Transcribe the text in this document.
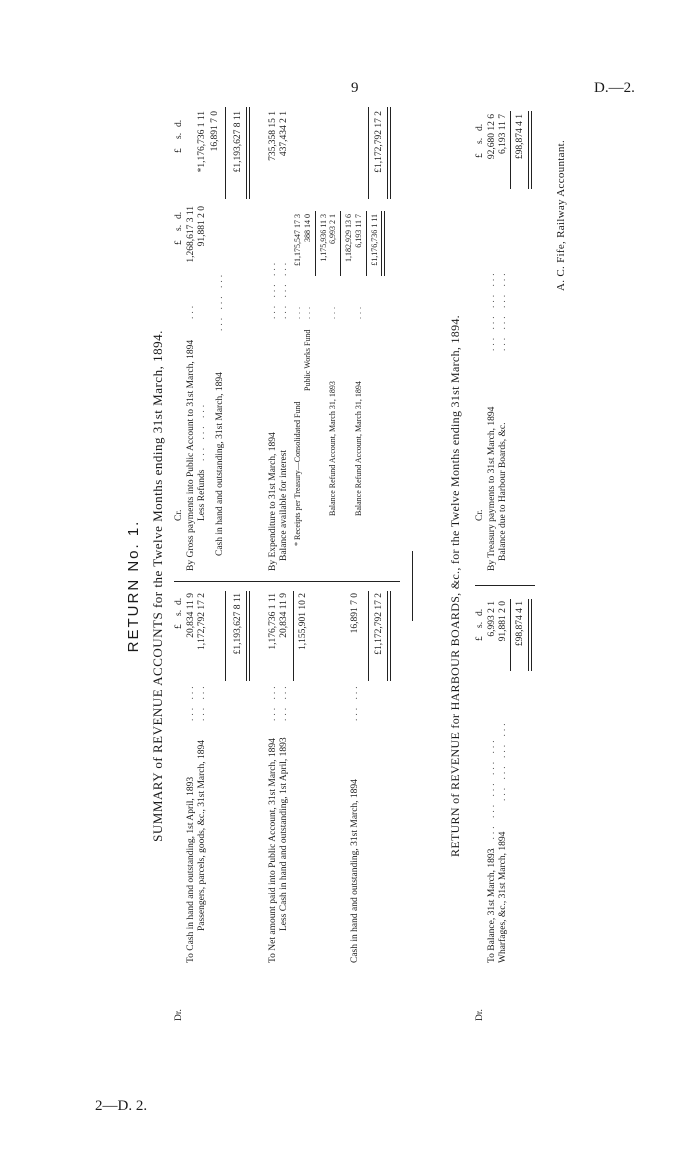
9	D.—2.
2—D. 2.
RETURN No. 1. SUMMARY of REVENUE ACCOUNTS for the Twelve Months ending 31st March, 1894.
Dr.
To Cash in hand and outstanding, 1st April, 1893 Passengers, parcels, goods, &c., 31st March, 1894
... ... ... ...
£
s.
d. 20,834 11 9 1,172,792 17 2	£1,193,627 8 11
To Net amount paid into Public Account, 31st March, 1894 Less Cash in hand and outstanding, 1st April, 1893
... ... ... ...
1,176,736 1 11 20,834 11 9 1,155,901 10 2
Cash in hand and outstanding, 31st March, 1894
... ...
16,891 7 0 £1,172,792 17 2
Cr. By Gross payments into Public Account to 31st March, 1894 Less Refunds
...
... ... ...
£
s.
d.
£
s.
d.
1,268,617 3 11 91,881 2 0
*1,176,736 1 11
Cash in hand and outstanding, 31st March, 1894
... ... ...
16,891 7 0 £1,193,627 8 11
By Expenditure to 31st March, 1894 Balance available for interest
... ... ... ... ... ...
735,358 15 1 437,434 2 1
* Receipts per Treasury—Consolidated Fund
Public Works Fund
... ...
£1,175,547 17 3 388 14 0 1,175,936 11 3
Balance Refund Account, March 31, 1893
...
6,993 2 1 1,182,929 13 6
Balance Refund Account, March 31, 1894
...
6,193 11 7 £1,176,736 1 11
£1,172,792 17 2
RETURN of REVENUE for HARBOUR BOARDS, &c., for the Twelve Months ending 31st March, 1894.
Dr.
To Balance, 31st March, 1893 Wharfages, &c., 31st March, 1894
... ... ... ... ... ... ... ... ... ...
£
s.
d. 6,993 2 1 91,881 2 0 £98,874 4 1
Cr. By Treasury payments to 31st March, 1894 Balance due to Harbour Boards, &c.
... ... ... ... ... ... ... ...
£
s.
d. 92,680 12 6 6,193 11 7 £98,874 4 1
A. C. Fife, Railway Accountant.
